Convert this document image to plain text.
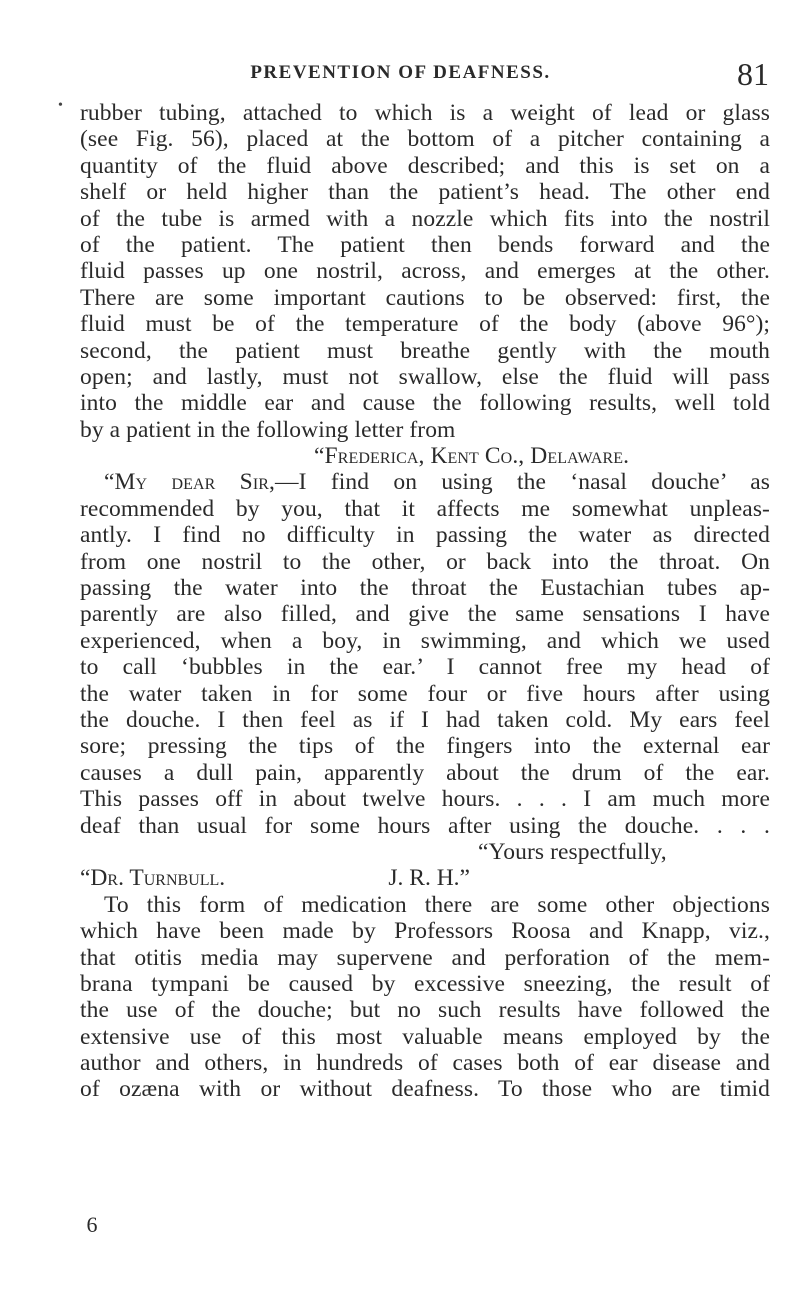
PREVENTION OF DEAFNESS.	81
• rubber tubing, attached to which is a weight of lead or glass
(see Fig. 56), placed at the bottom of a pitcher containing a
quantity of the fluid above described; and this is set on a
shelf or held higher than the patient’s head. The other end
of the tube is armed with a nozzle which fits into the nostril
of the patient. The patient then bends forward and the
fluid passes up one nostril, across, and emerges at the other.
There are some important cautions to be observed: first, the
fluid must be of the temperature of the body (above 96°);
second, the patient must breathe gently with the mouth
open; and lastly, must not swallow, else the fluid will pass
into the middle ear and cause the following results, well told
by a patient in the following letter from
“Frederica, Kent Co., Delaware.
“My dear Sir,—I find on using the ‘nasal douche’ as
recommended by you, that it affects me somewhat unpleas-
antly. I find no difficulty in passing the water as directed
from one nostril to the other, or back into the throat. On
passing the water into the throat the Eustachian tubes ap-
parently are also filled, and give the same sensations I have
experienced, when a boy, in swimming, and which we used
to call ‘bubbles in the ear.’ I cannot free my head of
the water taken in for some four or five hours after using
the douche. I then feel as if I had taken cold. My ears feel
sore; pressing the tips of the fingers into the external ear
causes a dull pain, apparently about the drum of the ear.
This passes off in about twelve hours. . . . I am much more
deaf than usual for some hours after using the douche. . . .
“Yours respectfully,
“Dr. Turnbull.	J. R. H.”
To this form of medication there are some other objections
which have been made by Professors Roosa and Knapp, viz.,
that otitis media may supervene and perforation of the mem-
brana tympani be caused by excessive sneezing, the result of
the use of the douche; but no such results have followed the
extensive use of this most valuable means employed by the
author and others, in hundreds of cases both of ear disease and
of ozæna with or without deafness. To those who are timid
6
